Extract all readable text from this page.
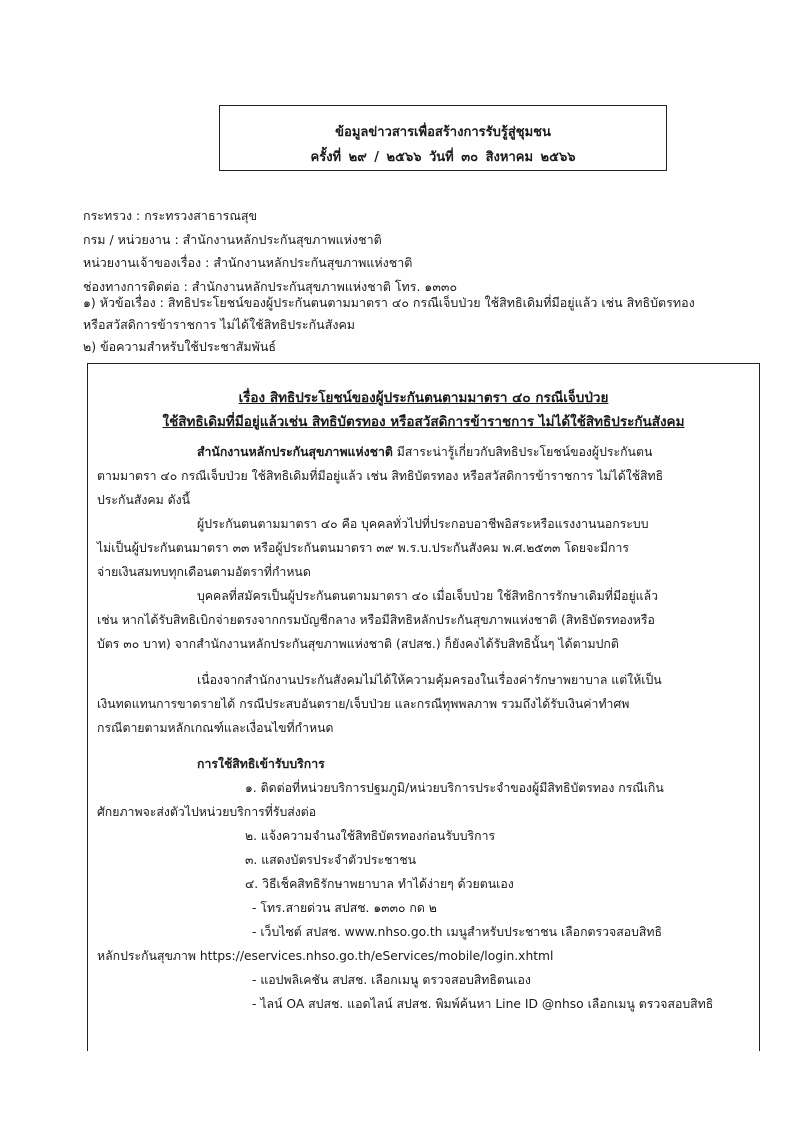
ข้อมูลข่าวสารเพื่อสร้างการรับรู้สู่ชุมชน
ครั้งที่ ๒๙ / ๒๕๖๖ วันที่ ๓๐ สิงหาคม ๒๕๖๖
กระทรวง : กระทรวงสาธารณสุข
กรม / หน่วยงาน : สำนักงานหลักประกันสุขภาพแห่งชาติ
หน่วยงานเจ้าของเรื่อง : สำนักงานหลักประกันสุขภาพแห่งชาติ
ช่องทางการติดต่อ : สำนักงานหลักประกันสุขภาพแห่งชาติ โทร. ๑๓๓๐
๑) หัวข้อเรื่อง : สิทธิประโยชน์ของผู้ประกันตนตามมาตรา ๔๐ กรณีเจ็บป่วย ใช้สิทธิเดิมที่มีอยู่แล้ว เช่น สิทธิบัตรทอง
หรือสวัสดิการข้าราชการ ไม่ได้ใช้สิทธิประกันสังคม
๒) ข้อความสำหรับใช้ประชาสัมพันธ์
เรื่อง สิทธิประโยชน์ของผู้ประกันตนตามมาตรา ๔๐ กรณีเจ็บป่วย
ใช้สิทธิเดิมที่มีอยู่แล้วเช่น สิทธิบัตรทอง หรือสวัสดิการข้าราชการ ไม่ได้ใช้สิทธิประกันสังคม

สำนักงานหลักประกันสุขภาพแห่งชาติ มีสาระน่ารู้เกี่ยวกับสิทธิประโยชน์ของผู้ประกันตน

ตามมาตรา ๔๐ กรณีเจ็บป่วย ใช้สิทธิเดิมที่มีอยู่แล้ว เช่น สิทธิบัตรทอง หรือสวัสดิการข้าราชการ ไม่ได้ใช้สิทธิ

ประกันสังคม ดังนี้

ผู้ประกันตนตามมาตรา ๔๐ คือ บุคคลทั่วไปที่ประกอบอาชีพอิสระหรือแรงงานนอกระบบ

ไม่เป็นผู้ประกันตนมาตรา ๓๓ หรือผู้ประกันตนมาตรา ๓๙ พ.ร.บ.ประกันสังคม พ.ศ.๒๕๓๓ โดยจะมีการ

จ่ายเงินสมทบทุกเดือนตามอัตราที่กำหนด

บุคคลที่สมัครเป็นผู้ประกันตนตามมาตรา ๔๐ เมื่อเจ็บป่วย ใช้สิทธิการรักษาเดิมที่มีอยู่แล้ว

เช่น หากได้รับสิทธิเบิกจ่ายตรงจากกรมบัญชีกลาง หรือมีสิทธิหลักประกันสุขภาพแห่งชาติ (สิทธิบัตรทองหรือ

บัตร ๓๐ บาท) จากสำนักงานหลักประกันสุขภาพแห่งชาติ (สปสช.) ก็ยังคงได้รับสิทธินั้นๆ ได้ตามปกติ

เนื่องจากสำนักงานประกันสังคมไม่ได้ให้ความคุ้มครองในเรื่องค่ารักษาพยาบาล แต่ให้เป็น

เงินทดแทนการขาดรายได้ กรณีประสบอันตราย/เจ็บป่วย และกรณีทุพพลภาพ รวมถึงได้รับเงินค่าทำศพ

กรณีตายตามหลักเกณฑ์และเงื่อนไขที่กำหนด

การใช้สิทธิเข้ารับบริการ

๑. ติดต่อที่หน่วยบริการปฐมภูมิ/หน่วยบริการประจำของผู้มีสิทธิบัตรทอง กรณีเกิน

ศักยภาพจะส่งตัวไปหน่วยบริการที่รับส่งต่อ

๒. แจ้งความจำนงใช้สิทธิบัตรทองก่อนรับบริการ

๓. แสดงบัตรประจำตัวประชาชน

๔. วิธีเช็คสิทธิรักษาพยาบาล ทำได้ง่ายๆ ด้วยตนเอง

- โทร.สายด่วน สปสช. ๑๓๓๐ กด ๒

- เว็บไซต์ สปสช. www.nhso.go.th เมนูสำหรับประชาชน เลือกตรวจสอบสิทธิ

หลักประกันสุขภาพ https://eservices.nhso.go.th/eServices/mobile/login.xhtml

- แอปพลิเคชัน สปสช. เลือกเมนู ตรวจสอบสิทธิตนเอง

- ไลน์ OA สปสช. แอดไลน์ สปสช. พิมพ์ค้นหา Line ID @nhso เลือกเมนู ตรวจสอบสิทธิ
